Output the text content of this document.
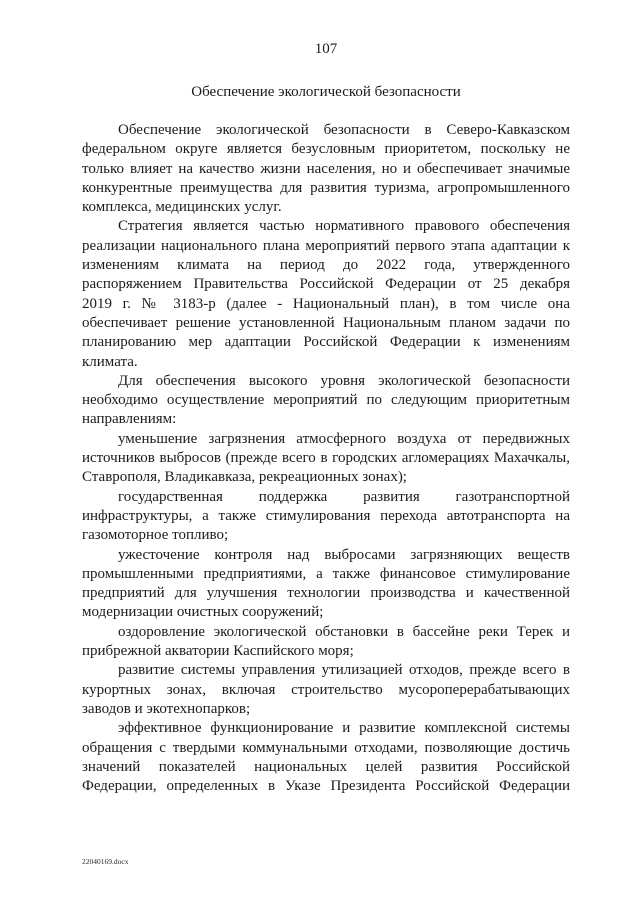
107
Обеспечение экологической безопасности
Обеспечение экологической безопасности в Северо-Кавказском
федеральном округе является безусловным приоритетом, поскольку не
только влияет на качество жизни населения, но и обеспечивает значимые
конкурентные преимущества для развития туризма, агропромышленного
комплекса, медицинских услуг.
Стратегия является частью нормативного правового обеспечения
реализации национального плана мероприятий первого этапа адаптации к
изменениям климата на период до 2022 года, утвержденного
распоряжением Правительства Российской Федерации от 25 декабря
2019 г. № 3183-р (далее - Национальный план), в том числе она
обеспечивает решение установленной Национальным планом задачи по
планированию мер адаптации Российской Федерации к изменениям
климата.
Для обеспечения высокого уровня экологической безопасности
необходимо осуществление мероприятий по следующим приоритетным
направлениям:
уменьшение загрязнения атмосферного воздуха от передвижных
источников выбросов (прежде всего в городских агломерациях Махачкалы,
Ставрополя, Владикавказа, рекреационных зонах);
государственная поддержка развития газотранспортной
инфраструктуры, а также стимулирования перехода автотранспорта на
газомоторное топливо;
ужесточение контроля над выбросами загрязняющих веществ
промышленными предприятиями, а также финансовое стимулирование
предприятий для улучшения технологии производства и качественной
модернизации очистных сооружений;
оздоровление экологической обстановки в бассейне реки Терек и
прибрежной акватории Каспийского моря;
развитие системы управления утилизацией отходов, прежде всего в
курортных зонах, включая строительство мусороперерабатывающих
заводов и экотехнопарков;
эффективное функционирование и развитие комплексной системы
обращения с твердыми коммунальными отходами, позволяющие достичь
значений показателей национальных целей развития Российской
Федерации, определенных в Указе Президента Российской Федерации
22040169.docx
